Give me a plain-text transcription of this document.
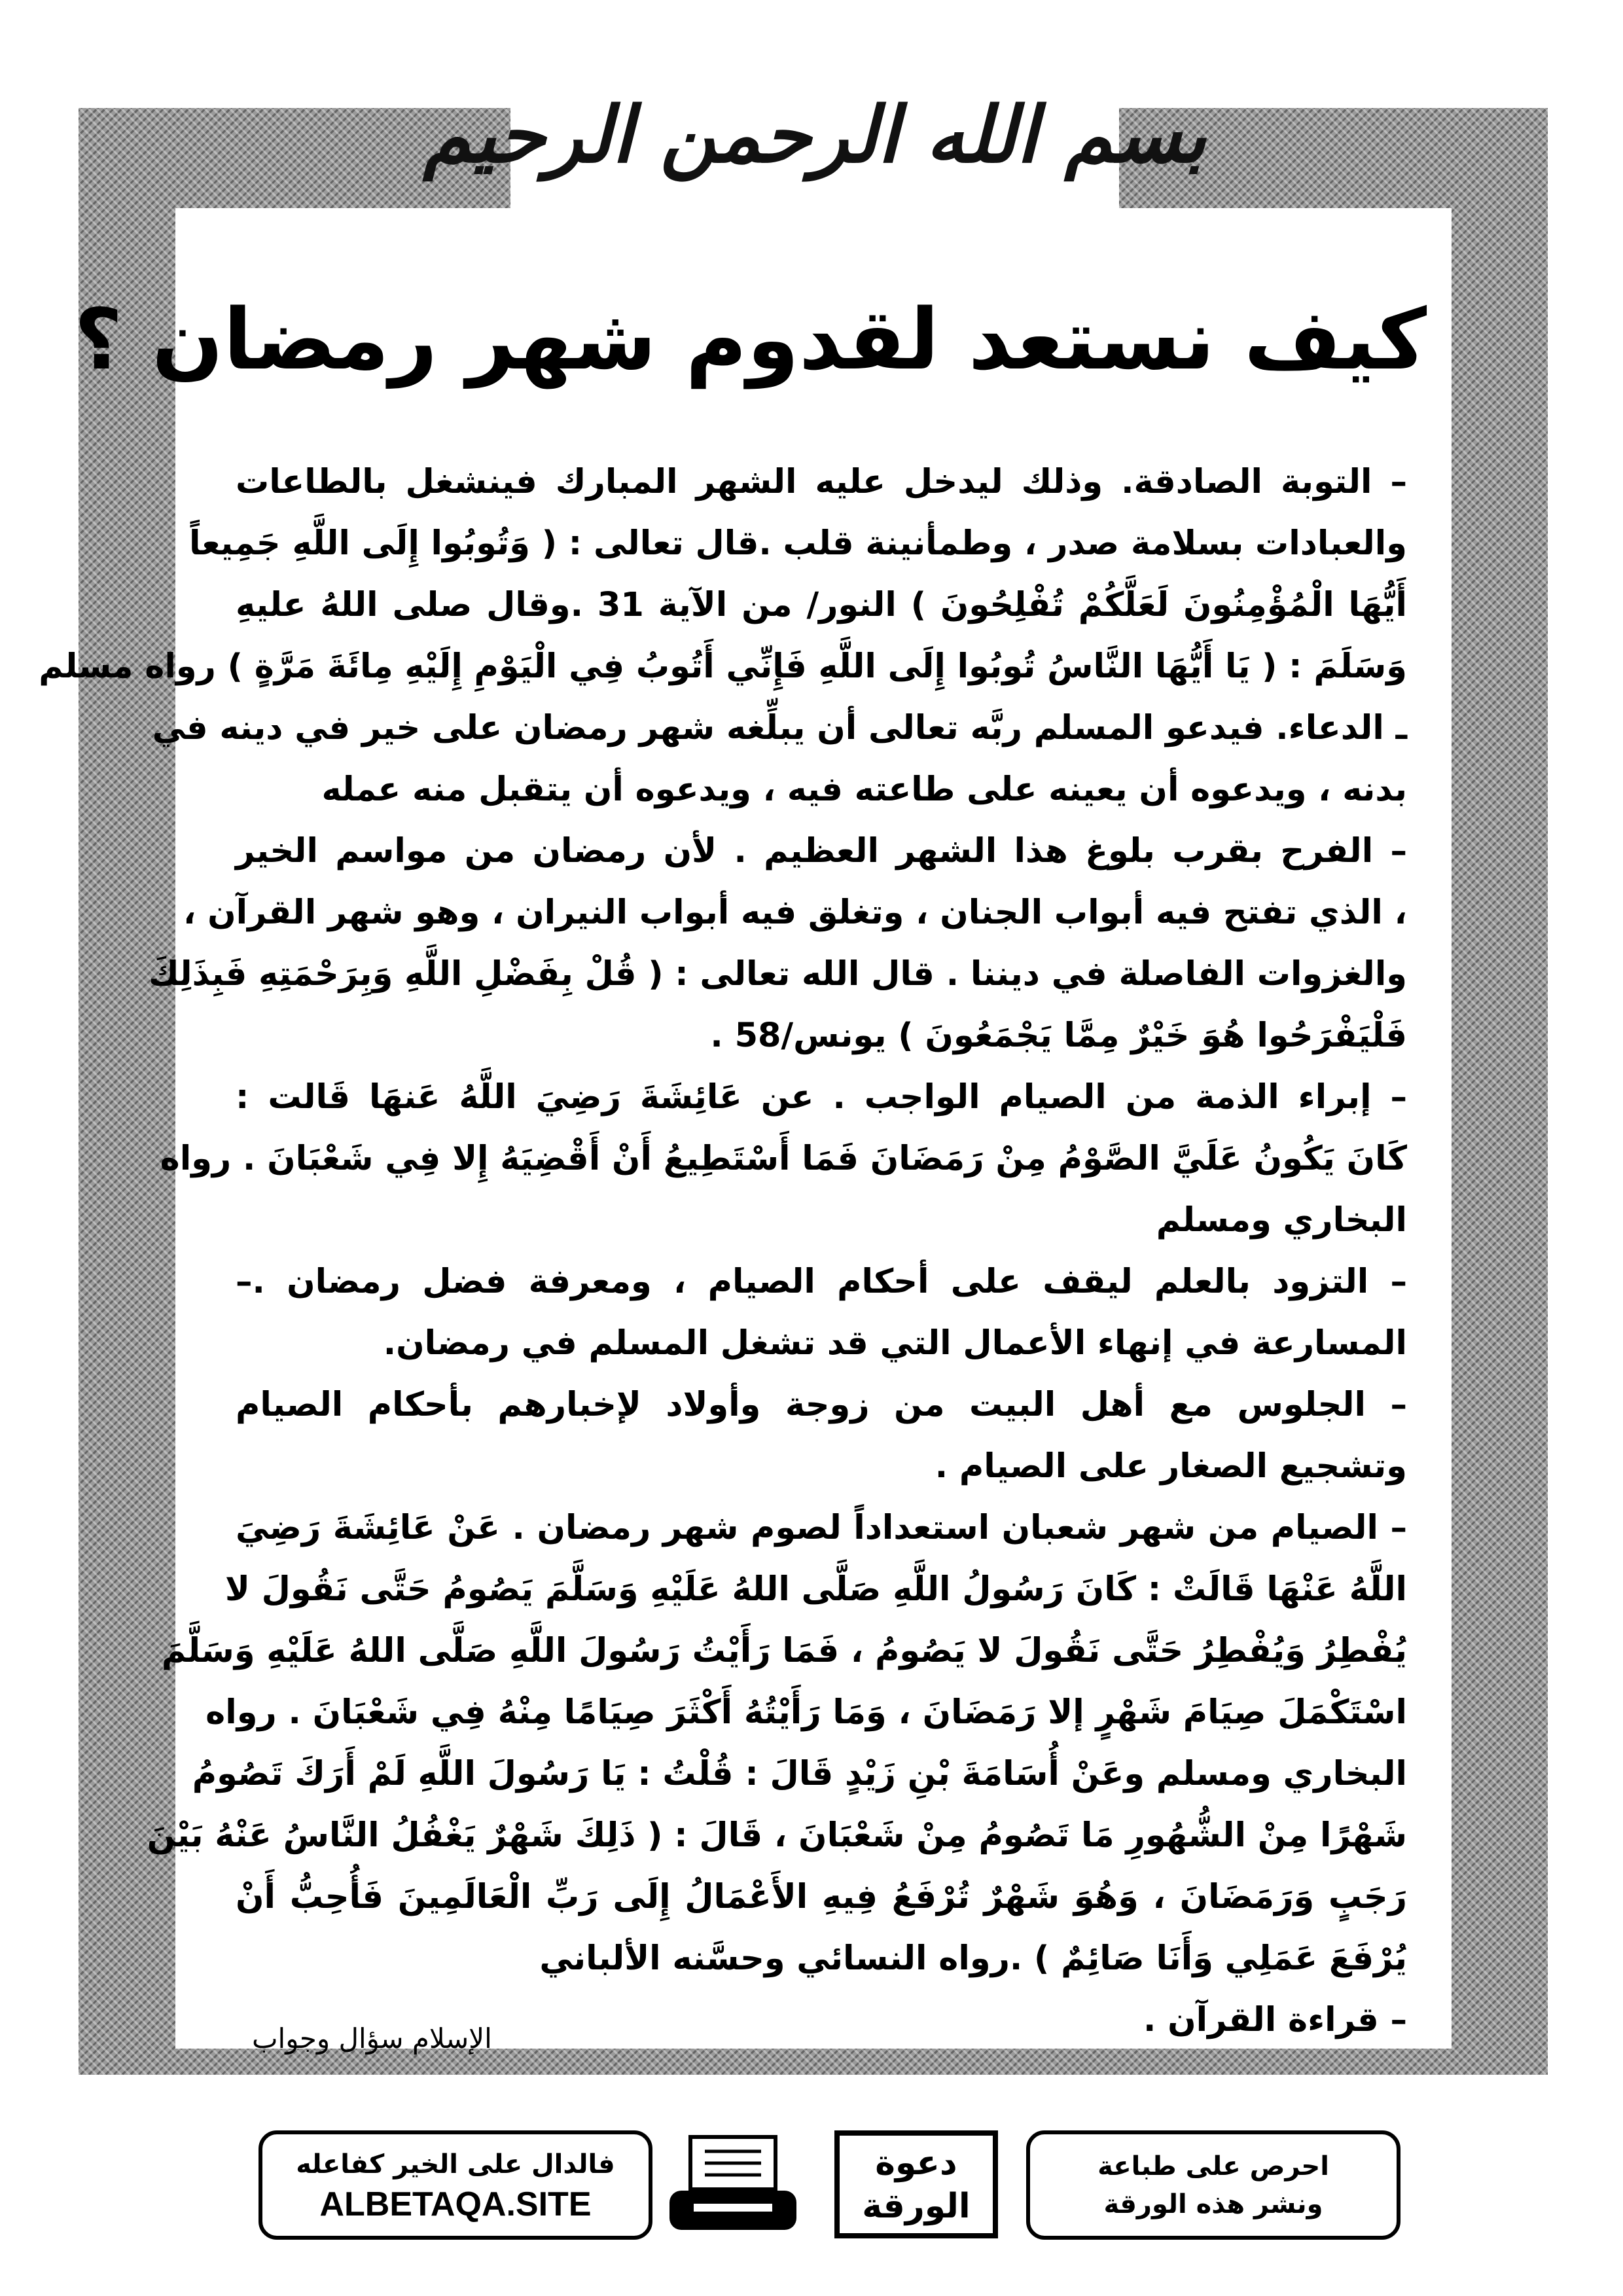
بسم الله الرحمن الرحيم
كيف نستعد لقدوم شهر رمضان ؟
– التوبة الصادقة. وذلك ليدخل عليه الشهر المبارك فينشغل بالطاعات
والعبادات بسلامة صدر ، وطمأنينة قلب .قال تعالى : ( وَتُوبُوا إِلَى اللَّهِ جَمِيعاً
أَيُّهَا الْمُؤْمِنُونَ لَعَلَّكُمْ تُفْلِحُونَ ) النور/ من الآية 31 .وقال صلى اللهُ عليهِ
وَسَلَمَ : ( يَا أَيُّهَا النَّاسُ تُوبُوا إِلَى اللَّهِ فَإِنِّي أَتُوبُ فِي الْيَوْمِ إِلَيْهِ مِائَةَ مَرَّةٍ ) رواه مسلم
ـ الدعاء. فيدعو المسلم ربَّه تعالى أن يبلِّغه شهر رمضان على خير في دينه في
بدنه ، ويدعوه أن يعينه على طاعته فيه ، ويدعوه أن يتقبل منه عمله
– الفرح بقرب بلوغ هذا الشهر العظيم . لأن رمضان من مواسم الخير
، الذي تفتح فيه أبواب الجنان ، وتغلق فيه أبواب النيران ، وهو شهر القرآن ،
والغزوات الفاصلة في ديننا . قال الله تعالى : ( قُلْ بِفَضْلِ اللَّهِ وَبِرَحْمَتِهِ فَبِذَلِكَ
فَلْيَفْرَحُوا هُوَ خَيْرٌ مِمَّا يَجْمَعُونَ ) يونس/58 .
– إبراء الذمة من الصيام الواجب . عن عَائِشَةَ رَضِيَ اللَّهُ عَنهَا قَالت :
كَانَ يَكُونُ عَلَيَّ الصَّوْمُ مِنْ رَمَضَانَ فَمَا أَسْتَطِيعُ أَنْ أَقْضِيَهُ إِلا فِي شَعْبَانَ . رواه
البخاري ومسلم
– التزود بالعلم ليقف على أحكام الصيام ، ومعرفة فضل رمضان .–
المسارعة في إنهاء الأعمال التي قد تشغل المسلم في رمضان.
– الجلوس مع أهل البيت من زوجة وأولاد لإخبارهم بأحكام الصيام
وتشجيع الصغار على الصيام .
– الصيام من شهر شعبان استعداداً لصوم شهر رمضان . عَنْ عَائِشَةَ رَضِيَ
اللَّهُ عَنْهَا قَالَتْ : كَانَ رَسُولُ اللَّهِ صَلَّى اللهُ عَلَيْهِ وَسَلَّمَ يَصُومُ حَتَّى نَقُولَ لا
يُفْطِرُ وَيُفْطِرُ حَتَّى نَقُولَ لا يَصُومُ ، فَمَا رَأَيْتُ رَسُولَ اللَّهِ صَلَّى اللهُ عَلَيْهِ وَسَلَّمَ
اسْتَكْمَلَ صِيَامَ شَهْرٍ إلا رَمَضَانَ ، وَمَا رَأَيْتُهُ أَكْثَرَ صِيَامًا مِنْهُ فِي شَعْبَانَ . رواه
البخاري ومسلم وعَنْ أُسَامَةَ بْنِ زَيْدٍ قَالَ : قُلْتُ : يَا رَسُولَ اللَّهِ لَمْ أَرَكَ تَصُومُ
شَهْرًا مِنْ الشُّهُورِ مَا تَصُومُ مِنْ شَعْبَانَ ، قَالَ : ( ذَلِكَ شَهْرٌ يَغْفُلُ النَّاسُ عَنْهُ بَيْنَ
رَجَبٍ وَرَمَضَانَ ، وَهُوَ شَهْرٌ تُرْفَعُ فِيهِ الأَعْمَالُ إِلَى رَبِّ الْعَالَمِينَ فَأُحِبُّ أَنْ
يُرْفَعَ عَمَلِي وَأَنَا صَائِمٌ ) .رواه النسائي وحسَّنه الألباني
– قراءة القرآن .
الإسلام سؤال وجواب
فالدال على الخير كفاعله
ALBETAQA.SITE
دعوة
الورقة
احرص على طباعة
ونشر هذه الورقة
